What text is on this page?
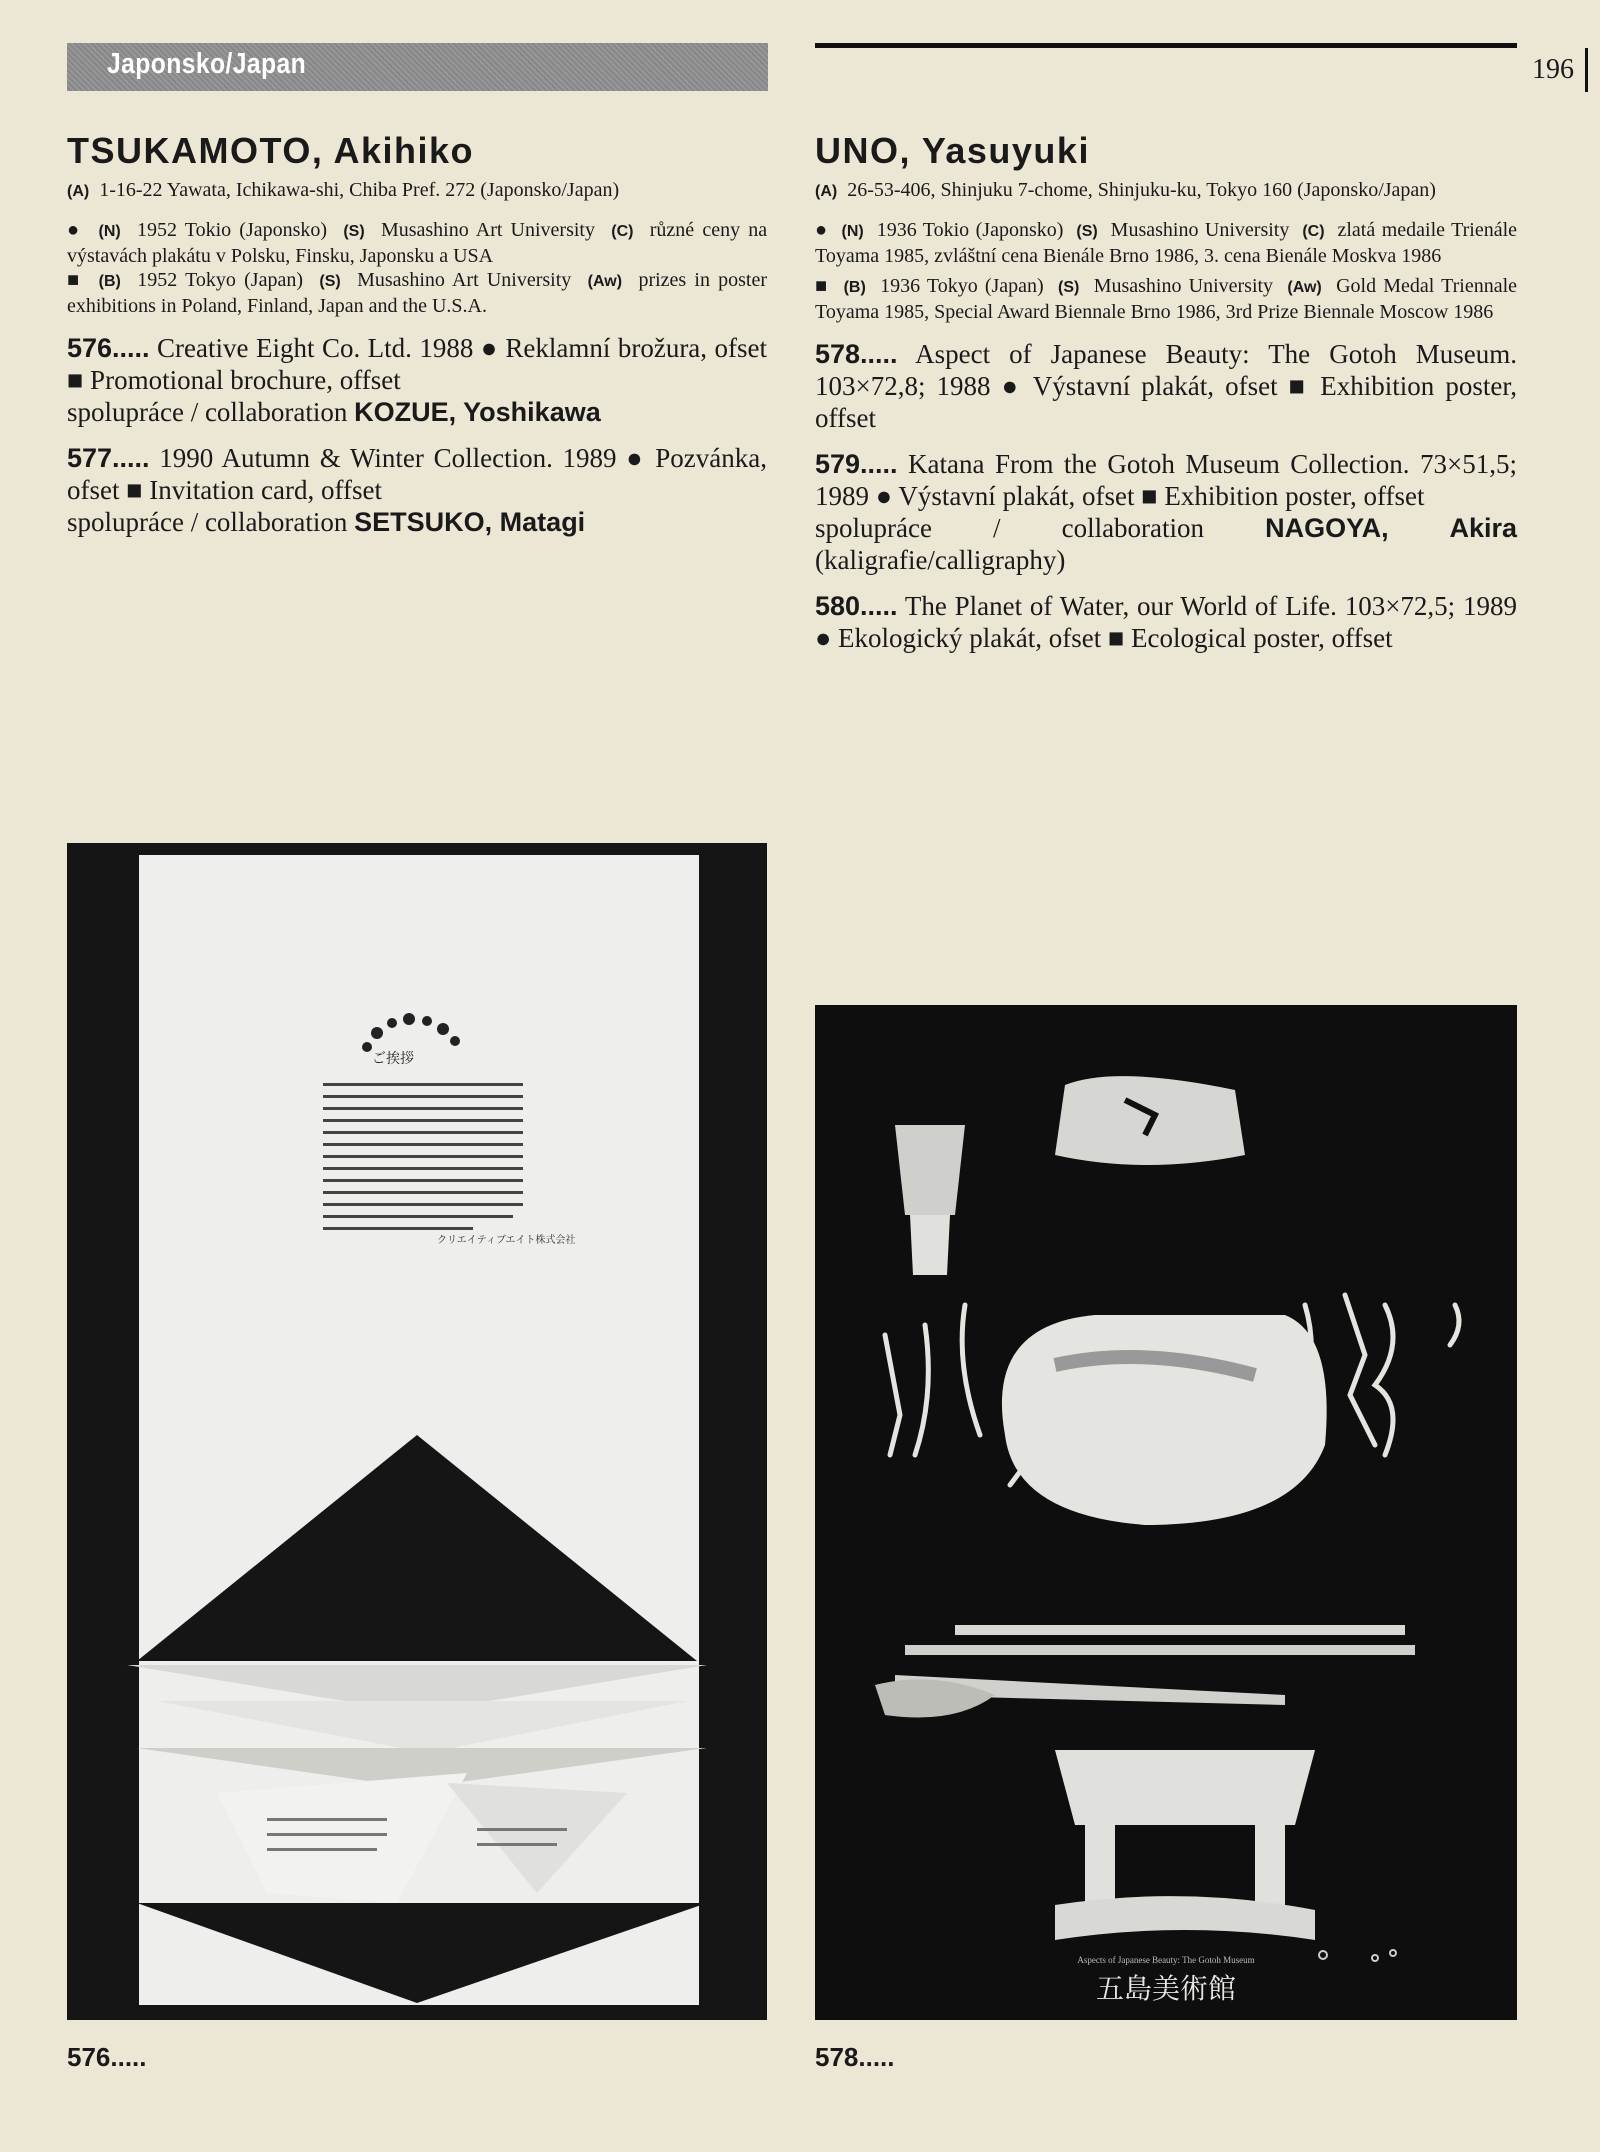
Japonsko/Japan	196
TSUKAMOTO, Akihiko

(A) 1-16-22 Yawata, Ichikawa-shi, Chiba Pref. 272 (Japonsko/Japan)

● (N) 1952 Tokio (Japonsko) (S) Musashino Art University (C) různé ceny na výstavách plakátu v Polsku, Finsku, Japonsku a USA

■ (B) 1952 Tokyo (Japan) (S) Musashino Art University (Aw) prizes in poster exhibitions in Poland, Finland, Japan and the U.S.A.

576..... Creative Eight Co. Ltd. 1988 ● Reklamní brožura, ofset ■ Promotional brochure, offset
spolupráce / collaboration KOZUE, Yoshikawa

577..... 1990 Autumn & Winter Collection. 1989 ● Pozvánka, ofset ■ Invitation card, offset
spolupráce / collaboration SETSUKO, Matagi

UNO, Yasuyuki

(A) 26-53-406, Shinjuku 7-chome, Shinjuku-ku, Tokyo 160 (Japonsko/Japan)

● (N) 1936 Tokio (Japonsko) (S) Musashino University (C) zlatá medaile Trienále Toyama 1985, zvláštní cena Bienále Brno 1986, 3. cena Bienále Moskva 1986

■ (B) 1936 Tokyo (Japan) (S) Musashino University (Aw) Gold Medal Triennale Toyama 1985, Special Award Biennale Brno 1986, 3rd Prize Biennale Moscow 1986

578..... Aspect of Japanese Beauty: The Gotoh Museum. 103×72,8; 1988 ● Výstavní plakát, ofset ■ Exhibition poster, offset

579..... Katana From the Gotoh Museum Collection. 73×51,5; 1989 ● Výstavní plakát, ofset ■ Exhibition poster, offset
spolupráce / collaboration NAGOYA, Akira (kaligrafie/calligraphy)

580..... The Planet of Water, our World of Life. 103×72,5; 1989 ● Ekologický plakát, ofset ■ Ecological poster, offset

ご挨拶
クリエイティブエイト株式会社
576.....
Aspects of Japanese Beauty: The Gotoh Museum
五島美術館
578.....
